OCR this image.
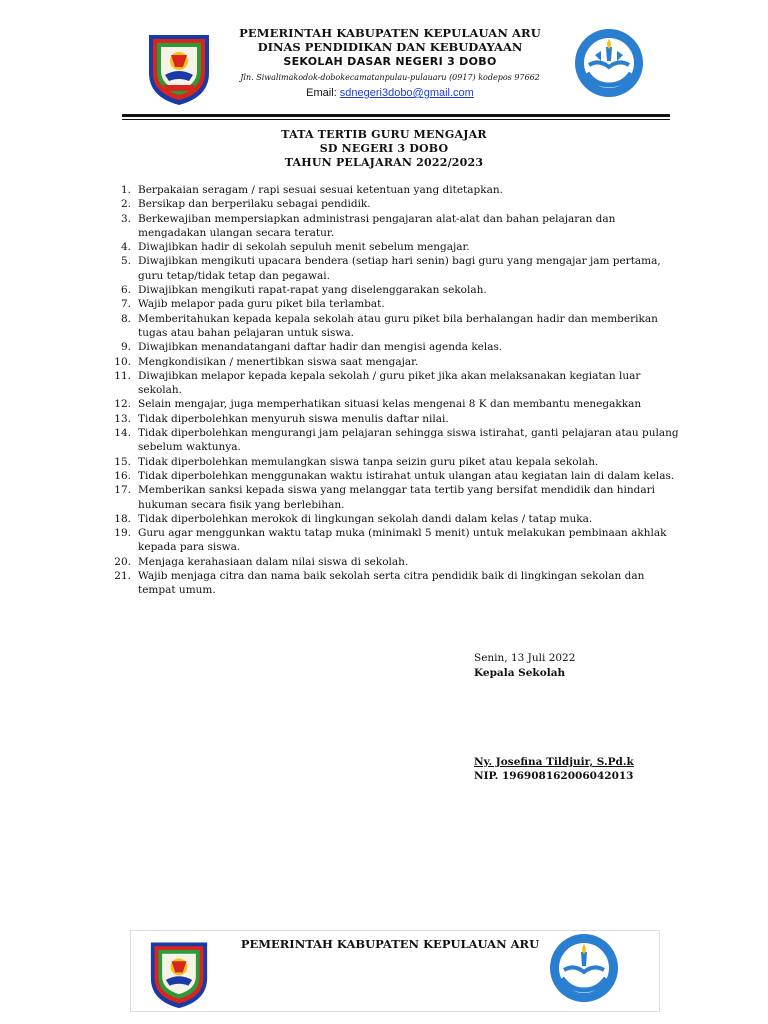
PEMERINTAH KABUPATEN KEPULAUAN ARU
DINAS PENDIDIKAN DAN KEBUDAYAAN
SEKOLAH DASAR NEGERI 3 DOBO
Jln. Siwalimakodok-dobokecamatanpulau-pulauaru (0917) kodepos 97662
Email: sdnegeri3dobo@gmail.com
TATA TERTIB GURU MENGAJAR
SD NEGERI 3 DOBO
TAHUN PELAJARAN 2022/2023
1. Berpakaian seragam / rapi sesuai sesuai ketentuan yang ditetapkan.
2. Bersikap dan berperilaku sebagai pendidik.
3. Berkewajiban mempersiapkan administrasi pengajaran alat-alat dan bahan pelajaran dan mengadakan ulangan secara teratur.
4. Diwajibkan hadir di sekolah sepuluh menit sebelum mengajar.
5. Diwajibkan mengikuti upacara bendera (setiap hari senin) bagi guru yang mengajar jam pertama, guru tetap/tidak tetap dan pegawai.
6. Diwajibkan mengikuti rapat-rapat yang diselenggarakan sekolah.
7. Wajib melapor pada guru piket bila terlambat.
8. Memberitahukan kepada kepala sekolah atau guru piket bila berhalangan hadir dan memberikan tugas atau bahan pelajaran untuk siswa.
9. Diwajibkan menandatangani daftar hadir dan mengisi agenda kelas.
10. Mengkondisikan / menertibkan siswa saat mengajar.
11. Diwajibkan melapor kepada kepala sekolah / guru piket jika akan melaksanakan kegiatan luar sekolah.
12. Selain mengajar, juga memperhatikan situasi kelas mengenai 8 K dan membantu menegakkan
13. Tidak diperbolehkan menyuruh siswa menulis daftar nilai.
14. Tidak diperbolehkan mengurangi jam pelajaran sehingga siswa istirahat, ganti pelajaran atau pulang sebelum waktunya.
15. Tidak diperbolehkan memulangkan siswa tanpa seizin guru piket atau kepala sekolah.
16. Tidak diperbolehkan menggunakan waktu istirahat untuk ulangan atau kegiatan lain di dalam kelas.
17. Memberikan sanksi kepada siswa yang melanggar tata tertib yang bersifat mendidik dan hindari hukuman secara fisik yang berlebihan.
18. Tidak diperbolehkan merokok di lingkungan sekolah dandi dalam kelas / tatap muka.
19. Guru agar menggunkan waktu tatap muka (minimakl 5 menit) untuk melakukan pembinaan akhlak kepada para siswa.
20. Menjaga kerahasiaan dalam nilai siswa di sekolah.
21. Wajib menjaga citra dan nama baik sekolah serta citra pendidik baik di lingkingan sekolan dan tempat umum.
Senin, 13 Juli 2022
Kepala Sekolah
Ny. Josefina Tildjuir, S.Pd.k
NIP. 196908162006042013
PEMERINTAH KABUPATEN KEPULAUAN ARU
